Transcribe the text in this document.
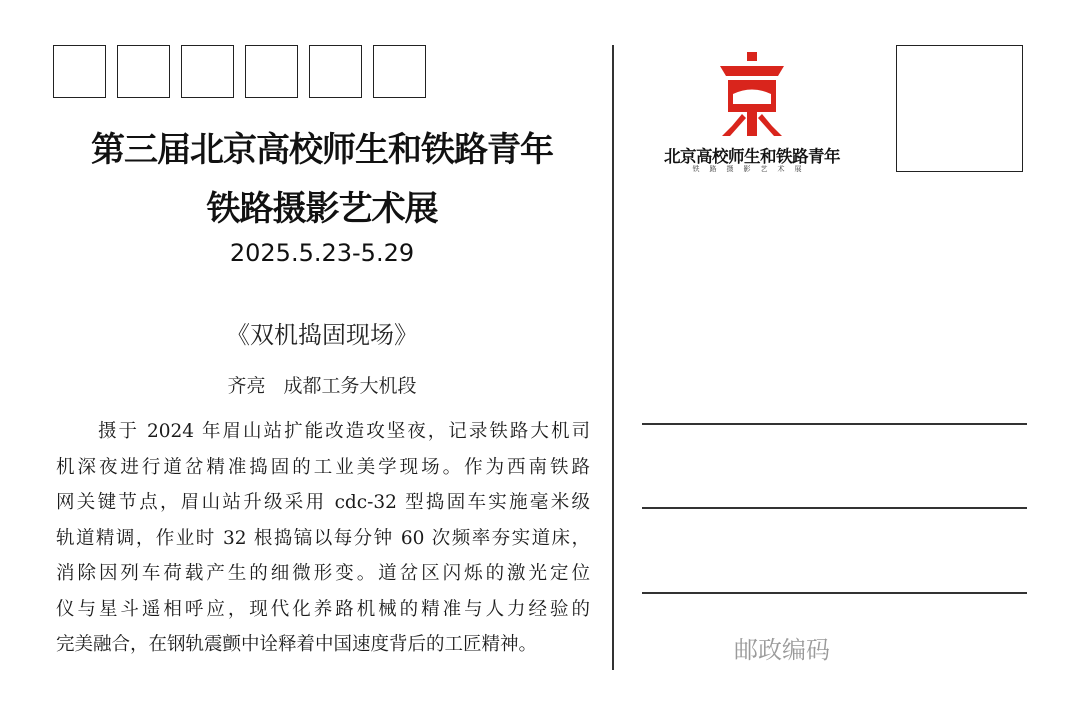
第三届北京高校师生和铁路青年
铁路摄影艺术展
2025.5.23-5.29
《双机捣固现场》
齐亮   成都工务大机段
摄于 2024 年眉山站扩能改造攻坚夜，记录铁路大机司
机深夜进行道岔精准捣固的工业美学现场。作为西南铁路
网关键节点，眉山站升级采用 cdc-32 型捣固车实施毫米级
轨道精调，作业时 32 根捣镐以每分钟 60 次频率夯实道床，
消除因列车荷载产生的细微形变。道岔区闪烁的激光定位
仪与星斗遥相呼应，现代化养路机械的精准与人力经验的
完美融合，在钢轨震颤中诠释着中国速度背后的工匠精神。
北京高校师生和铁路青年
铁路摄影艺术展
邮政编码
